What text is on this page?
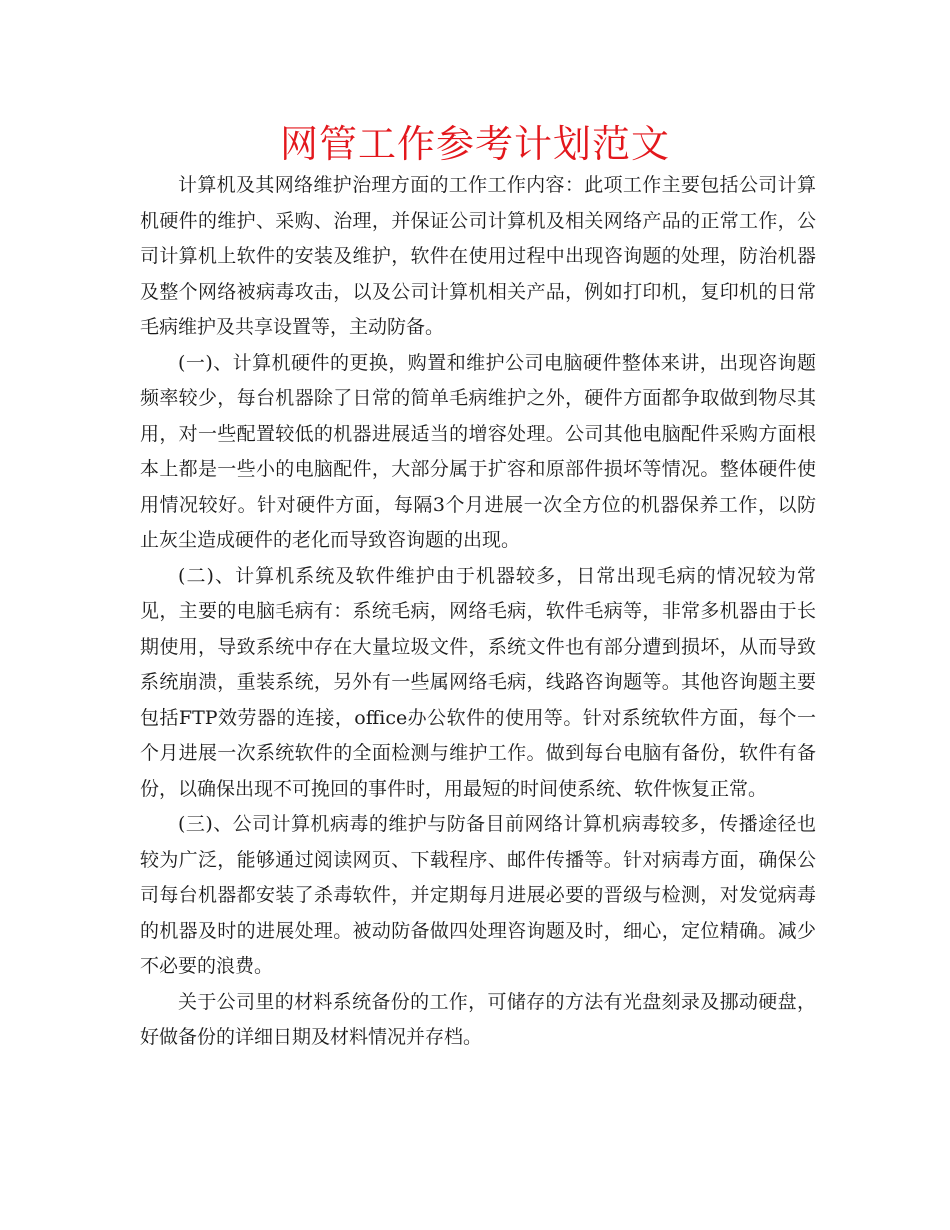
网管工作参考计划范文

计算机及其网络维护治理方面的工作工作内容：此项工作主要包括公司计算机硬件的维护、采购、治理，并保证公司计算机及相关网络产品的正常工作，公司计算机上软件的安装及维护，软件在使用过程中出现咨询题的处理，防治机器及整个网络被病毒攻击，以及公司计算机相关产品，例如打印机，复印机的日常毛病维护及共享设置等，主动防备。

(一)、计算机硬件的更换，购置和维护公司电脑硬件整体来讲，出现咨询题频率较少，每台机器除了日常的简单毛病维护之外，硬件方面都争取做到物尽其用，对一些配置较低的机器进展适当的增容处理。公司其他电脑配件采购方面根本上都是一些小的电脑配件，大部分属于扩容和原部件损坏等情况。整体硬件使用情况较好。针对硬件方面，每隔3个月进展一次全方位的机器保养工作，以防止灰尘造成硬件的老化而导致咨询题的出现。

(二)、计算机系统及软件维护由于机器较多，日常出现毛病的情况较为常见，主要的电脑毛病有：系统毛病，网络毛病，软件毛病等，非常多机器由于长期使用，导致系统中存在大量垃圾文件，系统文件也有部分遭到损坏，从而导致系统崩溃，重装系统，另外有一些属网络毛病，线路咨询题等。其他咨询题主要包括FTP效劳器的连接，office办公软件的使用等。针对系统软件方面，每个一个月进展一次系统软件的全面检测与维护工作。做到每台电脑有备份，软件有备份，以确保出现不可挽回的事件时，用最短的时间使系统、软件恢复正常。

(三)、公司计算机病毒的维护与防备目前网络计算机病毒较多，传播途径也较为广泛，能够通过阅读网页、下载程序、邮件传播等。针对病毒方面，确保公司每台机器都安装了杀毒软件，并定期每月进展必要的晋级与检测，对发觉病毒的机器及时的进展处理。被动防备做四处理咨询题及时，细心，定位精确。减少不必要的浪费。

关于公司里的材料系统备份的工作，可储存的方法有光盘刻录及挪动硬盘，好做备份的详细日期及材料情况并存档。
